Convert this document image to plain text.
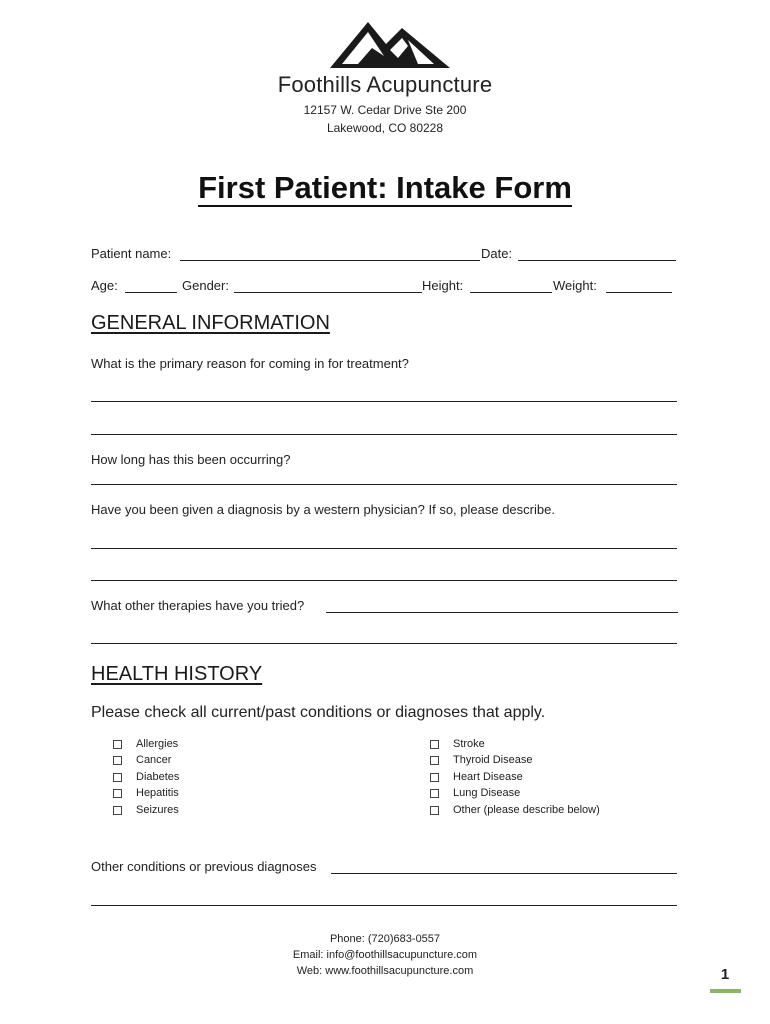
Foothills Acupuncture
12157 W. Cedar Drive Ste 200
Lakewood, CO 80228
First Patient: Intake Form
Patient name:	Date:
Age:	Gender:	Height:	Weight:
GENERAL INFORMATION
What is the primary reason for coming in for treatment?
How long has this been occurring?
Have you been given a diagnosis by a western physician? If so, please describe.
What other therapies have you tried?
HEALTH HISTORY
Please check all current/past conditions or diagnoses that apply.
Allergies
Cancer
Diabetes
Hepatitis
Seizures
Stroke
Thyroid Disease
Heart Disease
Lung Disease
Other (please describe below)
Other conditions or previous diagnoses
Phone: (720)683-0557
Email: info@foothillsacupuncture.com
Web: www.foothillsacupuncture.com	1
